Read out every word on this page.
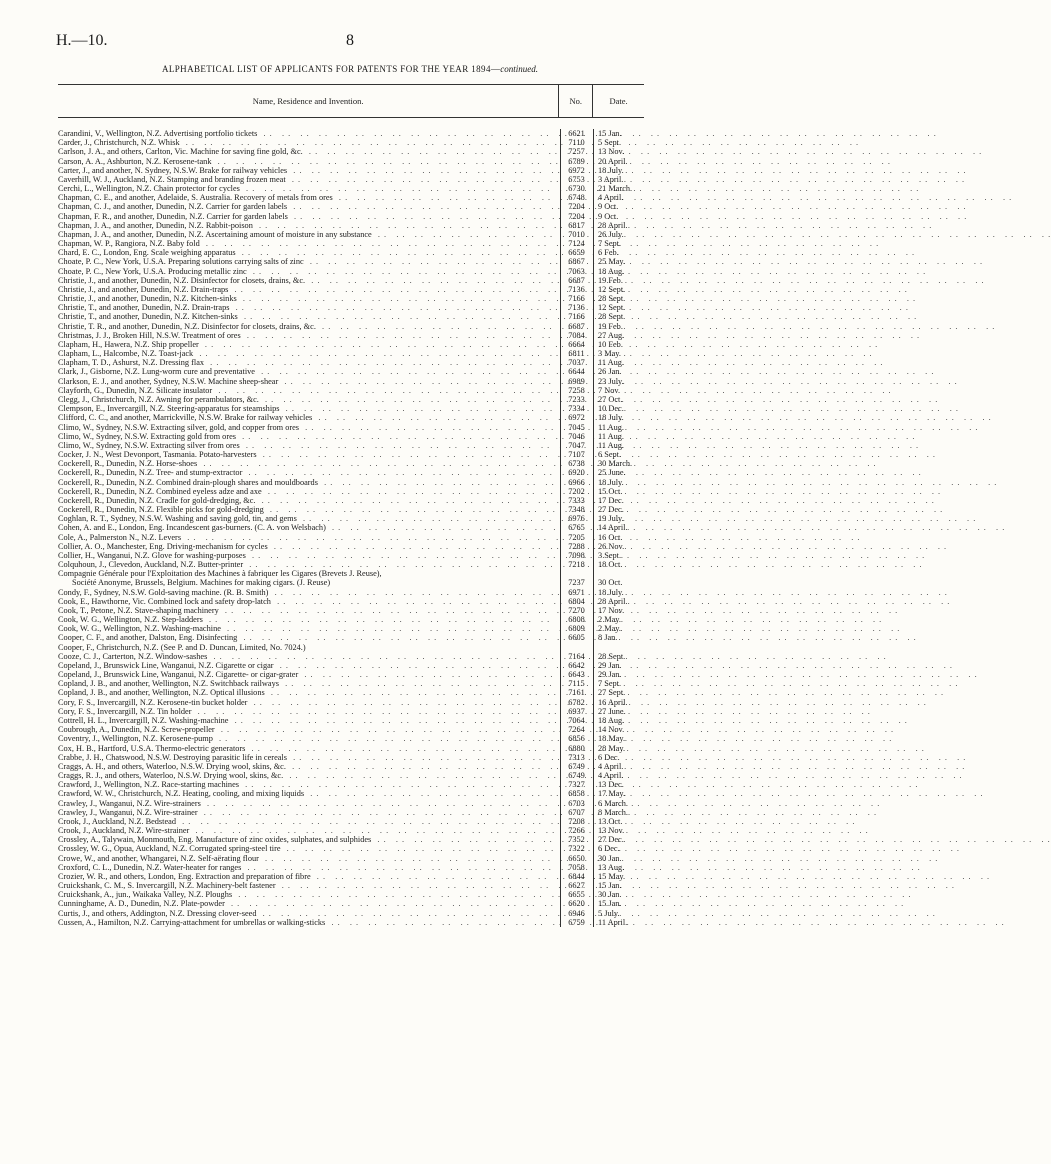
H.—10.	8
ALPHABETICAL LIST OF APPLICANTS FOR PATENTS FOR THE YEAR 1894—continued.
Name, Residence and Invention.	No.	Date.
Carandini, V., Wellington, N.Z. Advertising portfolio tickets . .	6621	15 Jan.
Carder, J., Christchurch, N.Z. Whisk . .	7110	5 Sept.
Carlson, J. A., and others, Carlton, Vic. Machine for saving fine gold, &c. . .	7257	13 Nov.
Carson, A. A., Ashburton, N.Z. Kerosene-tank . .	6789	20 April.
Carter, J., and another, N. Sydney, N.S.W. Brake for railway vehicles . .	6972	18 July.
Caverhill, W. J., Auckland, N.Z. Stamping and branding frozen meat . .	6753	3 April.
Cerchi, L., Wellington, N.Z. Chain protector for cycles . .	6730	21 March.
Chapman, C. E., and another, Adelaide, S. Australia. Recovery of metals from ores . .	6748	4 April.
Chapman, C. J., and another, Dunedin, N.Z. Carrier for garden labels . .	7204	9 Oct.
Chapman, F. R., and another, Dunedin, N.Z. Carrier for garden labels . .	7204	9 Oct.
Chapman, J. A., and another, Dunedin, N.Z. Rabbit-poison . .	6817	28 April.
Chapman, J. A., and another, Dunedin, N.Z. Ascertaining amount of moisture in any substance . .	7010	26 July.
Chapman, W. P., Rangiora, N.Z. Baby fold . .	7124	7 Sept.
Chard, E. C., London, Eng. Scale weighing apparatus . .	6659	6 Feb.
Choate, P. C., New York, U.S.A. Preparing solutions carrying salts of zinc . .	6867	25 May.
Choate, P. C., New York, U.S.A. Producing metallic zinc . .	7063	18 Aug.
Christie, J., and another, Dunedin, N.Z. Disinfector for closets, drains, &c. . .	6687	19 Feb.
Christie, J., and another, Dunedin, N.Z. Drain-traps . .	7136	12 Sept.
Christie, J., and another, Dunedin, N.Z. Kitchen-sinks . .	7166	28 Sept.
Christie, T., and another, Dunedin, N.Z. Drain-traps . .	7136	12 Sept.
Christie, T., and another, Dunedin, N.Z. Kitchen-sinks . .	7166	28 Sept.
Christie, T. R., and another, Dunedin, N.Z. Disinfector for closets, drains, &c. . .	6687	19 Feb.
Christmas, J. J., Broken Hill, N.S.W. Treatment of ores . .	7084	27 Aug.
Clapham, H., Hawera, N.Z. Ship propeller . .	6664	10 Feb.
Clapham, L., Halcombe, N.Z. Toast-jack . .	6811	3 May.
Clapham, T. D., Ashurst, N.Z. Dressing flax . .	7037	11 Aug.
Clark, J., Gisborne, N.Z. Lung-worm cure and preventative . .	6644	26 Jan.
Clarkson, E. J., and another, Sydney, N.S.W. Machine sheep-shear . .	6989	23 July.
Clayforth, G., Dunedin, N.Z. Silicate insulator . .	7258	7 Nov.
Clegg, J., Christchurch, N.Z. Awning for perambulators, &c. . .	7233	27 Oct.
Clempson, E., Invercargill, N.Z. Steering-apparatus for steamships . .	7334	10 Dec.
Clifford, C. C., and another, Marrickville, N.S.W. Brake for railway vehicles . .	6972	18 July.
Climo, W., Sydney, N.S.W. Extracting silver, gold, and copper from ores . .	7045	11 Aug.
Climo, W., Sydney, N.S.W. Extracting gold from ores . .	7046	11 Aug.
Climo, W., Sydney, N.S.W. Extracting silver from ores . .	7047	11 Aug.
Cocker, J. N., West Devonport, Tasmania. Potato-harvesters . .	7107	6 Sept.
Cockerell, R., Dunedin, N.Z. Horse-shoes . .	6738	30 March.
Cockerell, R., Dunedin, N.Z. Tree- and stump-extractor . .	6920	25 June.
Cockerell, R., Dunedin, N.Z. Combined drain-plough shares and mouldboards . .	6966	18 July.
Cockerell, R., Dunedin, N.Z. Combined eyeless adze and axe . .	7202	15 Oct.
Cockerell, R., Dunedin, N.Z. Cradle for gold-dredging, &c. . .	7333	17 Dec.
Cockerell, R., Dunedin, N.Z. Flexible picks for gold-dredging . .	7348	27 Dec.
Coghlan, R. T., Sydney, N.S.W. Washing and saving gold, tin, and gems . .	6976	19 July.
Cohen, A. and E., London, Eng. Incandescent gas-burners. (C. A. von Welsbach) . .	6765	14 April.
Cole, A., Palmerston N., N.Z. Levers . .	7205	16 Oct.
Collier, A. O., Manchester, Eng. Driving-mechanism for cycles . .	7288	26 Nov.
Collier, H., Wanganui, N.Z. Glove for washing-purposes . .	7098	3 Sept.
Colquhoun, J., Clevedon, Auckland, N.Z. Butter-printer . .	7218	18 Oct.
Compagnie Générale pour l'Exploitation des Machines à fabriquer les Cigares (Brevets J. Reuse),
Société Anonyme, Brussels, Belgium. Machines for making cigars. (J. Reuse)	7237	30 Oct.
Condy, F., Sydney, N.S.W. Gold-saving machine. (R. B. Smith) . .	6971	18 July.
Cook, E., Hawthorne, Vic. Combined lock and safety drop-latch . .	6804	28 April.
Cook, T., Petone, N.Z. Stave-shaping machinery . .	7270	17 Nov.
Cook, W. G., Wellington, N.Z. Step-ladders . .	6808	2 May.
Cook, W. G., Wellington, N.Z. Washing-machine . .	6809	2 May.
Cooper, C. F., and another, Dalston, Eng. Disinfecting . .	6605	8 Jan.
Cooper, F., Christchurch, N.Z. (See P. and D. Duncan, Limited, No. 7024.)
Cooze, C. J., Carterton, N.Z. Window-sashes . .	7164	28 Sept.
Copeland, J., Brunswick Line, Wanganui, N.Z. Cigarette or cigar . .	6642	29 Jan.
Copeland, J., Brunswick Line, Wanganui, N.Z. Cigarette- or cigar-grater . .	6643	29 Jan.
Copland, J. B., and another, Wellington, N.Z. Switchback railways . .	7115	7 Sept.
Copland, J. B., and another, Wellington, N.Z. Optical illusions . .	7161	27 Sept.
Cory, F. S., Invercargill, N.Z. Kerosene-tin bucket holder . .	6782	16 April.
Cory, F. S., Invercargill, N.Z. Tin holder . .	6937	27 June.
Cottrell, H. L., Invercargill, N.Z. Washing-machine . .	7064	18 Aug.
Coubrough, A., Dunedin, N.Z. Screw-propeller . .	7264	14 Nov.
Coventry, J., Wellington, N.Z. Kerosene-pump . .	6856	18 May.
Cox, H. B., Hartford, U.S.A. Thermo-electric generators . .	6880	28 May.
Crabbe, J. H., Chatswood, N.S.W. Destroying parasitic life in cereals . .	7313	6 Dec.
Craggs, A. H., and others, Waterloo, N.S.W. Drying wool, skins, &c. . .	6749	4 April.
Craggs, R. J., and others, Waterloo, N.S.W. Drying wool, skins, &c. . .	6749	4 April.
Crawford, J., Wellington, N.Z. Race-starting machines . .	7327	13 Dec.
Crawford, W. W., Christchurch, N.Z. Heating, cooling, and mixing liquids . .	6858	17 May.
Crawley, J., Wanganui, N.Z. Wire-strainers . .	6703	6 March.
Crawley, J., Wanganui, N.Z. Wire-strainer . .	6707	8 March.
Crook, J., Auckland, N.Z. Bedstead . .	7208	13 Oct.
Crook, J., Auckland, N.Z. Wire-strainer . .	7266	13 Nov.
Crossley, A., Talywain, Monmouth, Eng. Manufacture of zinc oxides, sulphates, and sulphides . .	7352	27 Dec.
Crossley, W. G., Opua, Auckland, N.Z. Corrugated spring-steel tire . .	7322	6 Dec.
Crowe, W., and another, Whangarei, N.Z. Self-aërating flour . .	6650	30 Jan.
Croxford, C. L., Dunedin, N.Z. Water-heater for ranges . .	7058	13 Aug.
Crozier, W. R., and others, London, Eng. Extraction and preparation of fibre . .	6844	15 May.
Cruickshank, C. M., S. Invercargill, N.Z. Machinery-belt fastener . .	6627	15 Jan.
Cruickshank, A., jun., Waikaka Valley, N.Z. Ploughs . .	6655	30 Jan.
Cunninghame, A. D., Dunedin, N.Z. Plate-powder . .	6620	15 Jan.
Curtis, J., and others, Addington, N.Z. Dressing clover-seed . .	6946	5 July.
Cussen, A., Hamilton, N.Z. Carrying-attachment for umbrellas or walking-sticks . .	6759	11 April.
